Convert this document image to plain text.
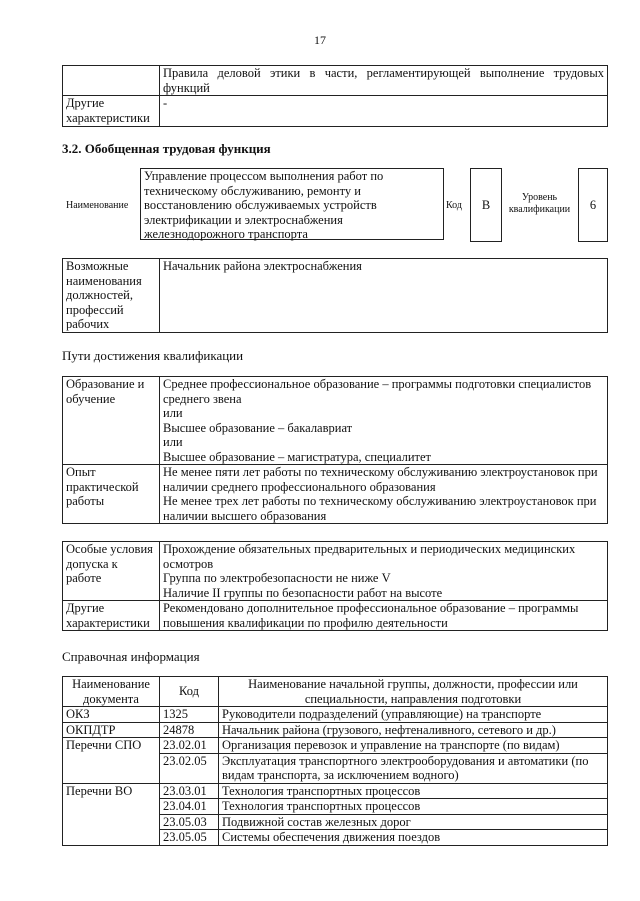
17
	Правила деловой этики в части, регламентирующей выполнение трудовых функций
Другие характеристики	-
3.2. Обобщенная трудовая функция
Наименование
Управление процессом выполнения работ по техническому обслуживанию, ремонту и восстановлению обслуживаемых устройств электрификации и электроснабжения железнодорожного транспорта
Код	B
Уровень квалификации	6
Возможные наименования должностей, профессий рабочих	Начальник района электроснабжения
Пути достижения квалификации
Образование и обучение	Среднее профессиональное образование – программы подготовки специалистов среднего звена
или
Высшее образование – бакалавриат
или
Высшее образование – магистратура, специалитет

Опыт практической работы	Не менее пяти лет работы по техническому обслуживанию электроустановок при наличии среднего профессионального образования
Не менее трех лет работы по техническому обслуживанию электроустановок при наличии высшего образования
Особые условия допуска к работе	Прохождение обязательных предварительных и периодических медицинских осмотров
Группа по электробезопасности не ниже V
Наличие II группы по безопасности работ на высоте

Другие характеристики	Рекомендовано дополнительное профессиональное образование – программы повышения квалификации по профилю деятельности
Справочная информация
Наименование документа	Код	Наименование начальной группы, должности, профессии или специальности, направления подготовки
ОКЗ	1325	Руководители подразделений (управляющие) на транспорте
ОКПДТР	24878	Начальник района (грузового, нефтеналивного, сетевого и др.)
Перечни СПО	23.02.01	Организация перевозок и управление на транспорте (по видам)
	23.02.05	Эксплуатация транспортного электрооборудования и автоматики (по видам транспорта, за исключением водного)
Перечни ВО	23.03.01	Технология транспортных процессов
	23.04.01	Технология транспортных процессов
	23.05.03	Подвижной состав железных дорог
	23.05.05	Системы обеспечения движения поездов
